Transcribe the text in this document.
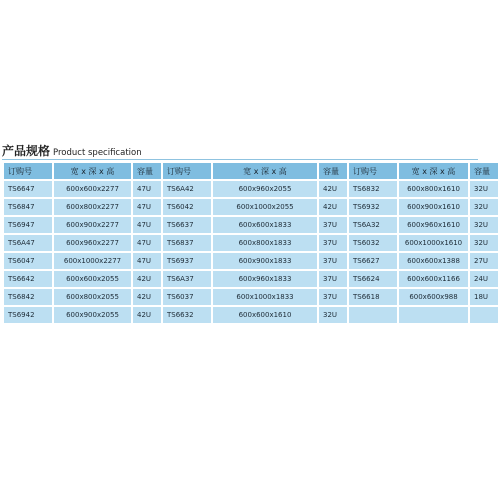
产品规格 Product specification
订购号	宽 x 深 x 高	容量	订购号	宽 x 深 x 高	容量	订购号	宽 x 深 x 高	容量
TS6647	600x600x2277	47U	TS6A42	600x960x2055	42U	TS6832	600x800x1610	32U
TS6847	600x800x2277	47U	TS6042	600x1000x2055	42U	TS6932	600x900x1610	32U
TS6947	600x900x2277	47U	TS6637	600x600x1833	37U	TS6A32	600x960x1610	32U
TS6A47	600x960x2277	47U	TS6837	600x800x1833	37U	TS6032	600x1000x1610	32U
TS6047	600x1000x2277	47U	TS6937	600x900x1833	37U	TS6627	600x600x1388	27U
TS6642	600x600x2055	42U	TS6A37	600x960x1833	37U	TS6624	600x600x1166	24U
TS6842	600x800x2055	42U	TS6037	600x1000x1833	37U	TS6618	600x600x988	18U
TS6942	600x900x2055	42U	TS6632	600x600x1610	32U			
